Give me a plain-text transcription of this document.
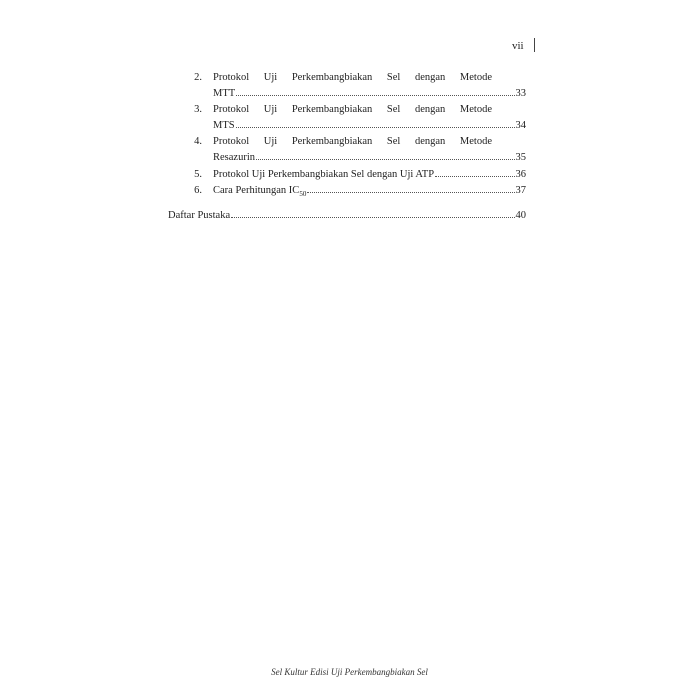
vii
2. Protokol Uji Perkembangbiakan Sel dengan Metode
MTT	33
3. Protokol Uji Perkembangbiakan Sel dengan Metode
MTS	34
4. Protokol Uji Perkembangbiakan Sel dengan Metode
Resazurin	35
5. Protokol Uji Perkembangbiakan Sel dengan Uji ATP	36
6. Cara Perhitungan $IC_{50}$	37
Daftar Pustaka	40
Sel Kultur Edisi Uji Perkembangbiakan Sel
